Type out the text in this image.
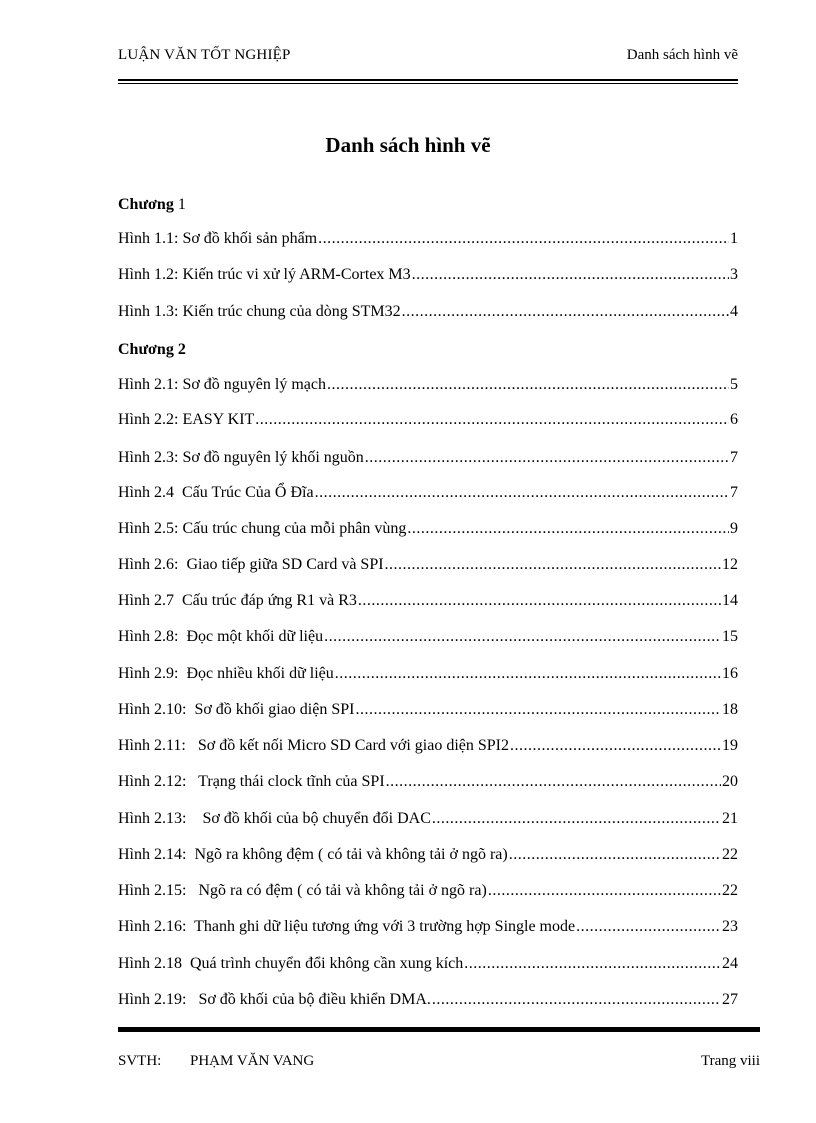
LUẬN VĂN TỐT NGHIỆP	Danh sách hình vẽ
Danh sách hình vẽ
Chương 1
Hình 1.1: Sơ đồ khối sản phẩm .....	1
Hình 1.2: Kiến trúc vi xử lý ARM-Cortex M3 .....	3
Hình 1.3: Kiến trúc chung của dòng STM32 .....	4
Chương 2
Hình 2.1: Sơ đồ nguyên lý mạch .....	5
Hình 2.2: EASY KIT .....	6
Hình 2.3: Sơ đồ nguyên lý khối nguồn .....	7
Hình 2.4  Cấu Trúc Của Ổ Đĩa .....	7
Hình 2.5: Cấu trúc chung của mỗi phân vùng .....	9
Hình 2.6:  Giao tiếp giữa SD Card và SPI .....	12
Hình 2.7  Cấu trúc đáp ứng R1 và R3 .....	14
Hình 2.8:  Đọc một khối dữ liệu .....	15
Hình 2.9:  Đọc nhiều khối dữ liệu .....	16
Hình 2.10:  Sơ đồ khối giao diện SPI .....	18
Hình 2.11:   Sơ đồ kết nối Micro SD Card với giao diện SPI2 .....	19
Hình 2.12:   Trạng thái clock tĩnh của SPI .....	20
Hình 2.13:    Sơ đồ khối của bộ chuyển đổi DAC .....	21
Hình 2.14:  Ngõ ra không đệm ( có tải và không tải ở ngõ ra) .....	22
Hình 2.15:   Ngõ ra có đệm ( có tải và không tải ở ngõ ra) .....	22
Hình 2.16:  Thanh ghi dữ liệu tương ứng với 3 trường hợp Single mode .....	23
Hình 2.18  Quá trình chuyển đổi không cần xung kích .....	24
Hình 2.19:   Sơ đồ khối của bộ điều khiển DMA. .....	27
SVTH: PHẠM VĂN VANG	Trang viii
